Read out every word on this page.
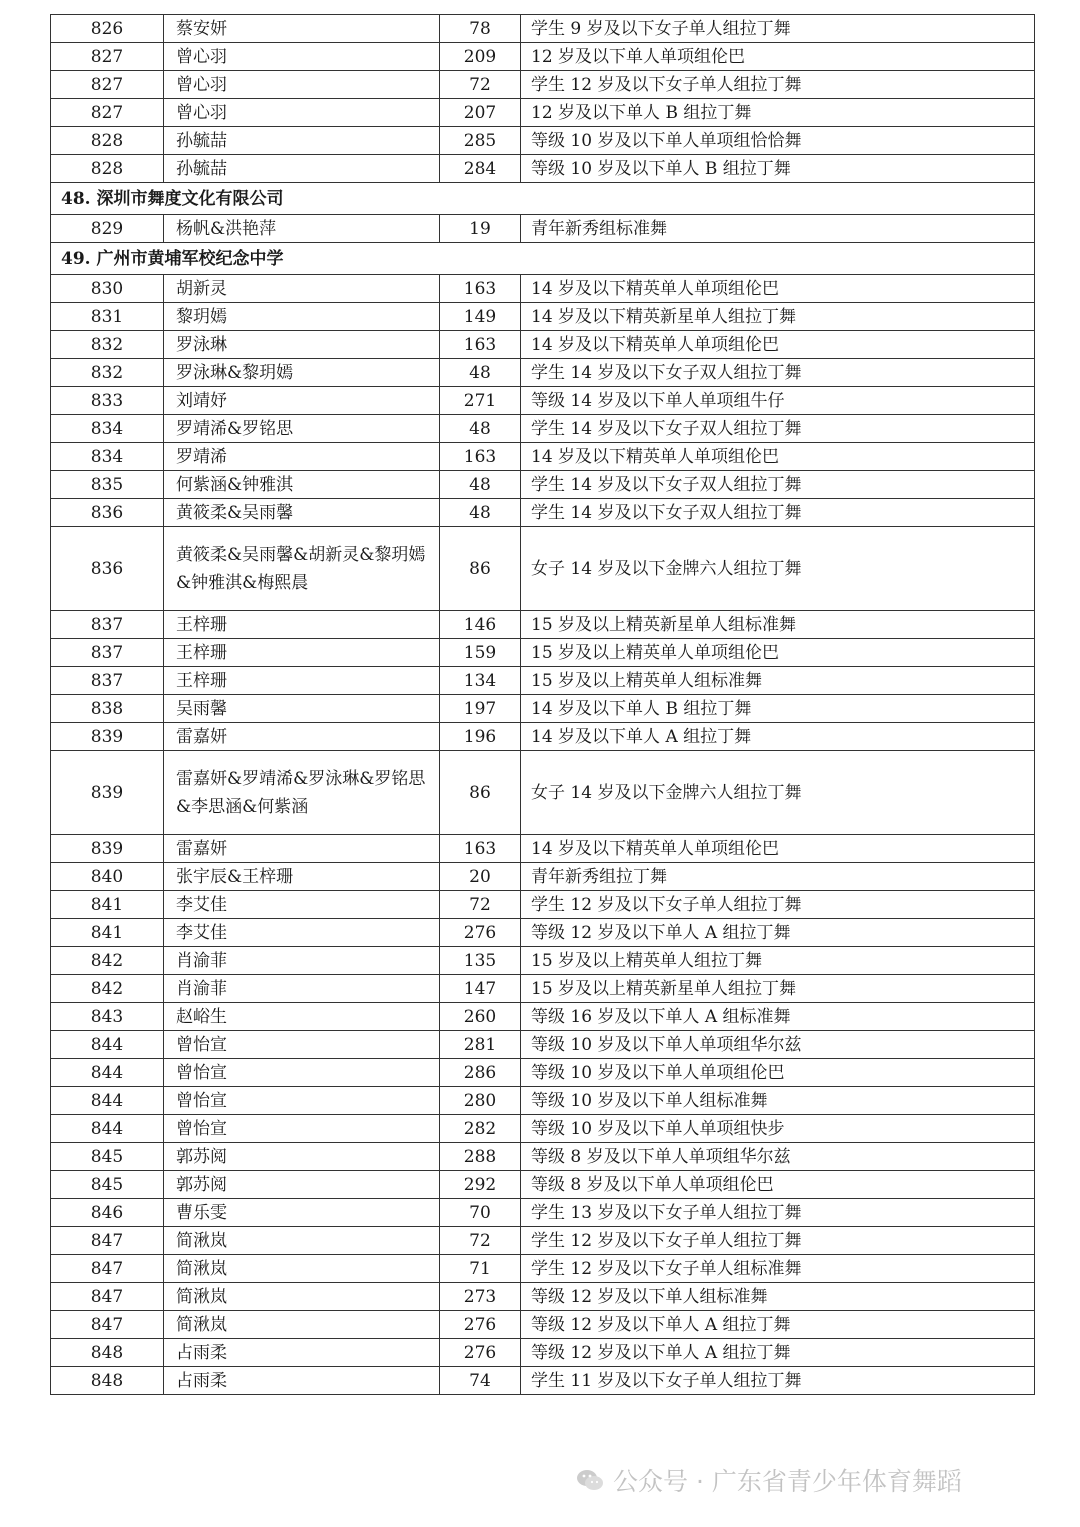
826	蔡安妍	78	学生 9 岁及以下女子单人组拉丁舞
827	曾心羽	209	12 岁及以下单人单项组伦巴
827	曾心羽	72	学生 12 岁及以下女子单人组拉丁舞
827	曾心羽	207	12 岁及以下单人 B 组拉丁舞
828	孙毓喆	285	等级 10 岁及以下单人单项组恰恰舞
828	孙毓喆	284	等级 10 岁及以下单人 B 组拉丁舞
48. 深圳市舞度文化有限公司			
829	杨帆&洪艳萍	19	青年新秀组标准舞
49. 广州市黄埔军校纪念中学			
830	胡新灵	163	14 岁及以下精英单人单项组伦巴
831	黎玥嫣	149	14 岁及以下精英新星单人组拉丁舞
832	罗泳琳	163	14 岁及以下精英单人单项组伦巴
832	罗泳琳&黎玥嫣	48	学生 14 岁及以下女子双人组拉丁舞
833	刘靖妤	271	等级 14 岁及以下单人单项组牛仔
834	罗靖浠&罗铭思	48	学生 14 岁及以下女子双人组拉丁舞
834	罗靖浠	163	14 岁及以下精英单人单项组伦巴
835	何紫涵&钟雅淇	48	学生 14 岁及以下女子双人组拉丁舞
836	黄筱柔&吴雨馨	48	学生 14 岁及以下女子双人组拉丁舞
836	黄筱柔&吴雨馨&胡新灵&黎玥嫣&钟雅淇&梅熙晨	86	女子 14 岁及以下金牌六人组拉丁舞
837	王梓珊	146	15 岁及以上精英新星单人组标准舞
837	王梓珊	159	15 岁及以上精英单人单项组伦巴
837	王梓珊	134	15 岁及以上精英单人组标准舞
838	吴雨馨	197	14 岁及以下单人 B 组拉丁舞
839	雷嘉妍	196	14 岁及以下单人 A 组拉丁舞
839	雷嘉妍&罗靖浠&罗泳琳&罗铭思&李思涵&何紫涵	86	女子 14 岁及以下金牌六人组拉丁舞
839	雷嘉妍	163	14 岁及以下精英单人单项组伦巴
840	张宇辰&王梓珊	20	青年新秀组拉丁舞
841	李艾佳	72	学生 12 岁及以下女子单人组拉丁舞
841	李艾佳	276	等级 12 岁及以下单人 A 组拉丁舞
842	肖渝菲	135	15 岁及以上精英单人组拉丁舞
842	肖渝菲	147	15 岁及以上精英新星单人组拉丁舞
843	赵峪生	260	等级 16 岁及以下单人 A 组标准舞
844	曾怡宣	281	等级 10 岁及以下单人单项组华尔兹
844	曾怡宣	286	等级 10 岁及以下单人单项组伦巴
844	曾怡宣	280	等级 10 岁及以下单人组标准舞
844	曾怡宣	282	等级 10 岁及以下单人单项组快步
845	郭苏阅	288	等级 8 岁及以下单人单项组华尔兹
845	郭苏阅	292	等级 8 岁及以下单人单项组伦巴
846	曹乐雯	70	学生 13 岁及以下女子单人组拉丁舞
847	简湫岚	72	学生 12 岁及以下女子单人组拉丁舞
847	简湫岚	71	学生 12 岁及以下女子单人组标准舞
847	简湫岚	273	等级 12 岁及以下单人组标准舞
847	简湫岚	276	等级 12 岁及以下单人 A 组拉丁舞
848	占雨柔	276	等级 12 岁及以下单人 A 组拉丁舞
848	占雨柔	74	学生 11 岁及以下女子单人组拉丁舞
公众号 · 广东省青少年体育舞蹈
